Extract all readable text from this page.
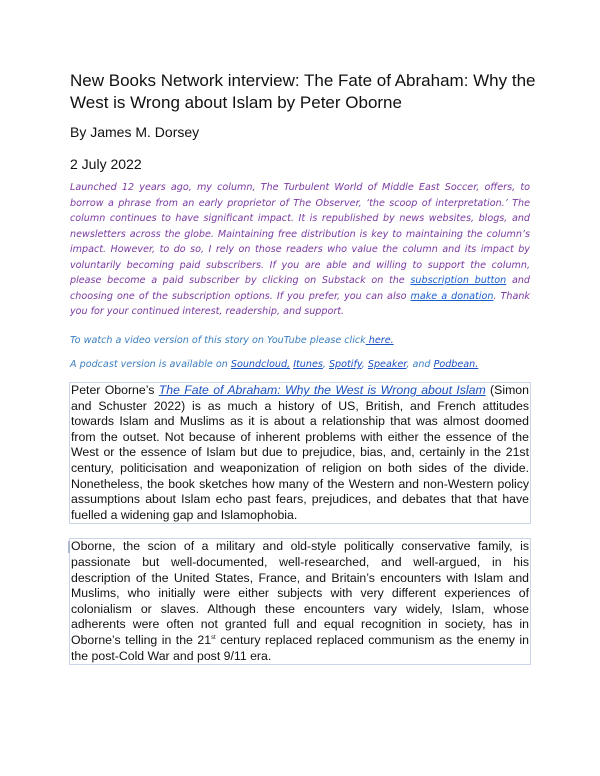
New Books Network interview: The Fate of Abraham: Why the West is Wrong about Islam by Peter Oborne
By James M. Dorsey
2 July 2022
Launched 12 years ago, my column, The Turbulent World of Middle East Soccer, offers, to borrow a phrase from an early proprietor of The Observer, ‘the scoop of interpretation.’ The column continues to have significant impact. It is republished by news websites, blogs, and newsletters across the globe. Maintaining free distribution is key to maintaining the column’s impact. However, to do so, I rely on those readers who value the column and its impact by voluntarily becoming paid subscribers. If you are able and willing to support the column, please become a paid subscriber by clicking on Substack on the subscription button and choosing one of the subscription options. If you prefer, you can also make a donation. Thank you for your continued interest, readership, and support.
To watch a video version of this story on YouTube please click here.
A podcast version is available on Soundcloud, Itunes, Spotify, Speaker, and Podbean.
Peter Oborne’s The Fate of Abraham: Why the West is Wrong about Islam (Simon and Schuster 2022) is as much a history of US, British, and French attitudes towards Islam and Muslims as it is about a relationship that was almost doomed from the outset. Not because of inherent problems with either the essence of the West or the essence of Islam but due to prejudice, bias, and, certainly in the 21st century, politicisation and weaponization of religion on both sides of the divide. Nonetheless, the book sketches how many of the Western and non-Western policy assumptions about Islam echo past fears, prejudices, and debates that that have fuelled a widening gap and Islamophobia.
Oborne, the scion of a military and old-style politically conservative family, is passionate but well-documented, well-researched, and well-argued, in his description of the United States, France, and Britain’s encounters with Islam and Muslims, who initially were either subjects with very different experiences of colonialism or slaves. Although these encounters vary widely, Islam, whose adherents were often not granted full and equal recognition in society, has in Oborne’s telling in the 21st century replaced replaced communism as the enemy in the post-Cold War and post 9/11 era.
